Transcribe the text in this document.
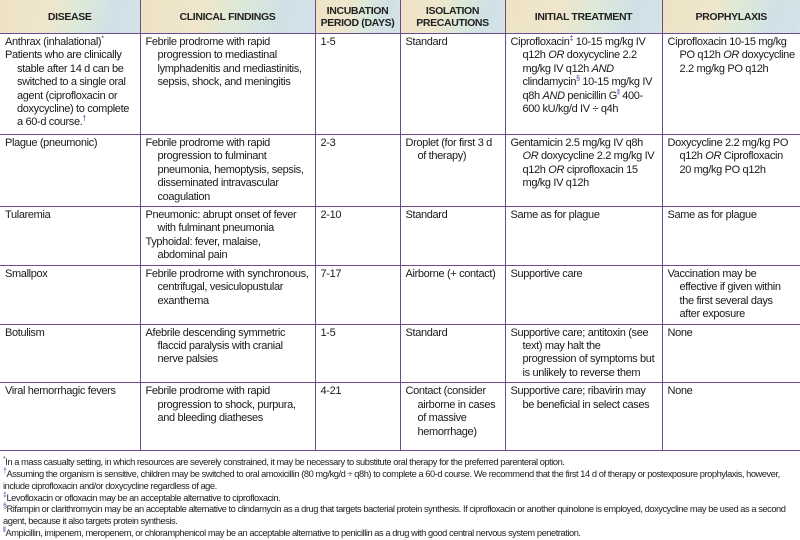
DISEASE	CLINICAL FINDINGS	INCUBATION PERIOD (DAYS)	ISOLATION PRECAUTIONS	INITIAL TREATMENT	PROPHYLAXIS

Anthrax (inhalational)*
Patients who are clinically stable after 14 d can be switched to a single oral agent (ciprofloxacin or doxycycline) to complete a 60-d course.†	Febrile prodrome with rapid progression to mediastinal lymphadenitis and mediastinitis, sepsis, shock, and meningitis	1-5	Standard	Ciprofloxacin‡ 10-15 mg/kg IV q12h OR doxycycline 2.2 mg/kg IV q12h AND clindamycin§ 10-15 mg/kg IV q8h AND penicillin G‖ 400-600 kU/kg/d IV ÷ q4h	Ciprofloxacin 10-15 mg/kg PO q12h OR doxycycline 2.2 mg/kg PO q12h

Plague (pneumonic)	Febrile prodrome with rapid progression to fulminant pneumonia, hemoptysis, sepsis, disseminated intravascular coagulation	2-3	Droplet (for first 3 d of therapy)	Gentamicin 2.5 mg/kg IV q8h OR doxycycline 2.2 mg/kg IV q12h OR ciprofloxacin 15 mg/kg IV q12h	Doxycycline 2.2 mg/kg PO q12h OR Ciprofloxacin 20 mg/kg PO q12h

Tularemia	Pneumonic: abrupt onset of fever with fulminant pneumonia
Typhoidal: fever, malaise, abdominal pain	2-10	Standard	Same as for plague	Same as for plague

Smallpox	Febrile prodrome with synchronous, centrifugal, vesiculopustular exanthema	7-17	Airborne (+ contact)	Supportive care	Vaccination may be effective if given within the first several days after exposure

Botulism	Afebrile descending symmetric flaccid paralysis with cranial nerve palsies	1-5	Standard	Supportive care; antitoxin (see text) may halt the progression of symptoms but is unlikely to reverse them	None

Viral hemorrhagic fevers	Febrile prodrome with rapid progression to shock, purpura, and bleeding diatheses	4-21	Contact (consider airborne in cases of massive hemorrhage)	Supportive care; ribavirin may be beneficial in select cases	None
*In a mass casualty setting, in which resources are severely constrained, it may be necessary to substitute oral therapy for the preferred parenteral option.
†Assuming the organism is sensitive, children may be switched to oral amoxicillin (80 mg/kg/d ÷ q8h) to complete a 60-d course. We recommend that the first 14 d of therapy or postexposure prophylaxis, however, include ciprofloxacin and/or doxycycline regardless of age.
‡Levofloxacin or ofloxacin may be an acceptable alternative to ciprofloxacin.
§Rifampin or clarithromycin may be an acceptable alternative to clindamycin as a drug that targets bacterial protein synthesis. If ciprofloxacin or another quinolone is employed, doxycycline may be used as a second agent, because it also targets protein synthesis.
‖Ampicillin, imipenem, meropenem, or chloramphenicol may be an acceptable alternative to penicillin as a drug with good central nervous system penetration.
